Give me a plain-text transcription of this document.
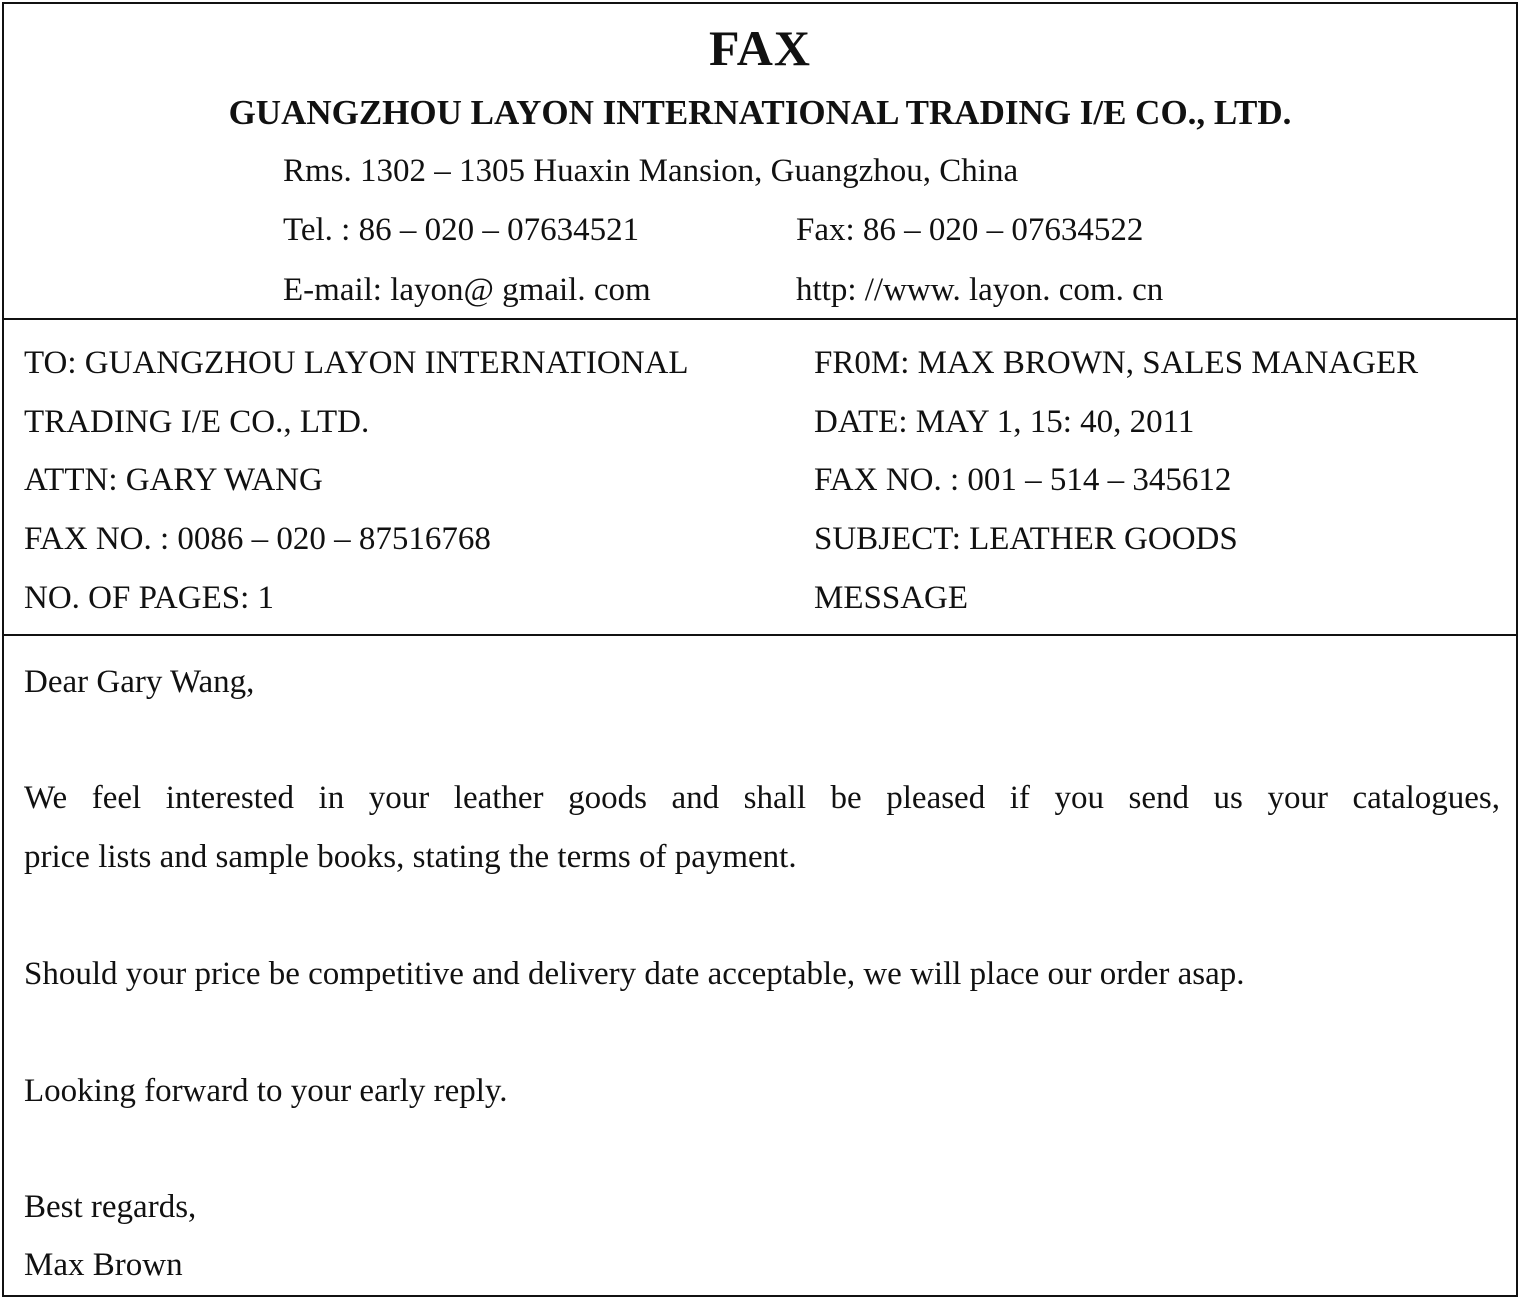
FAX
GUANGZHOU LAYON INTERNATIONAL TRADING I/E CO., LTD.
Rms. 1302 – 1305 Huaxin Mansion, Guangzhou, China
Tel. : 86 – 020 – 07634521	Fax: 86 – 020 – 07634522
E-mail: layon@ gmail. com	http: //www. layon. com. cn
TO: GUANGZHOU LAYON INTERNATIONAL
TRADING I/E CO., LTD.
ATTN: GARY WANG
FAX NO. : 0086 – 020 – 87516768
NO. OF PAGES: 1
FR0M: MAX BROWN, SALES MANAGER
DATE: MAY 1, 15: 40, 2011
FAX NO. : 001 – 514 – 345612
SUBJECT: LEATHER GOODS
MESSAGE
Dear Gary Wang,
We feel interested in your leather goods and shall be pleased if you send us your catalogues,
price lists and sample books, stating the terms of payment.
Should your price be competitive and delivery date acceptable, we will place our order asap.
Looking forward to your early reply.
Best regards,
Max Brown
